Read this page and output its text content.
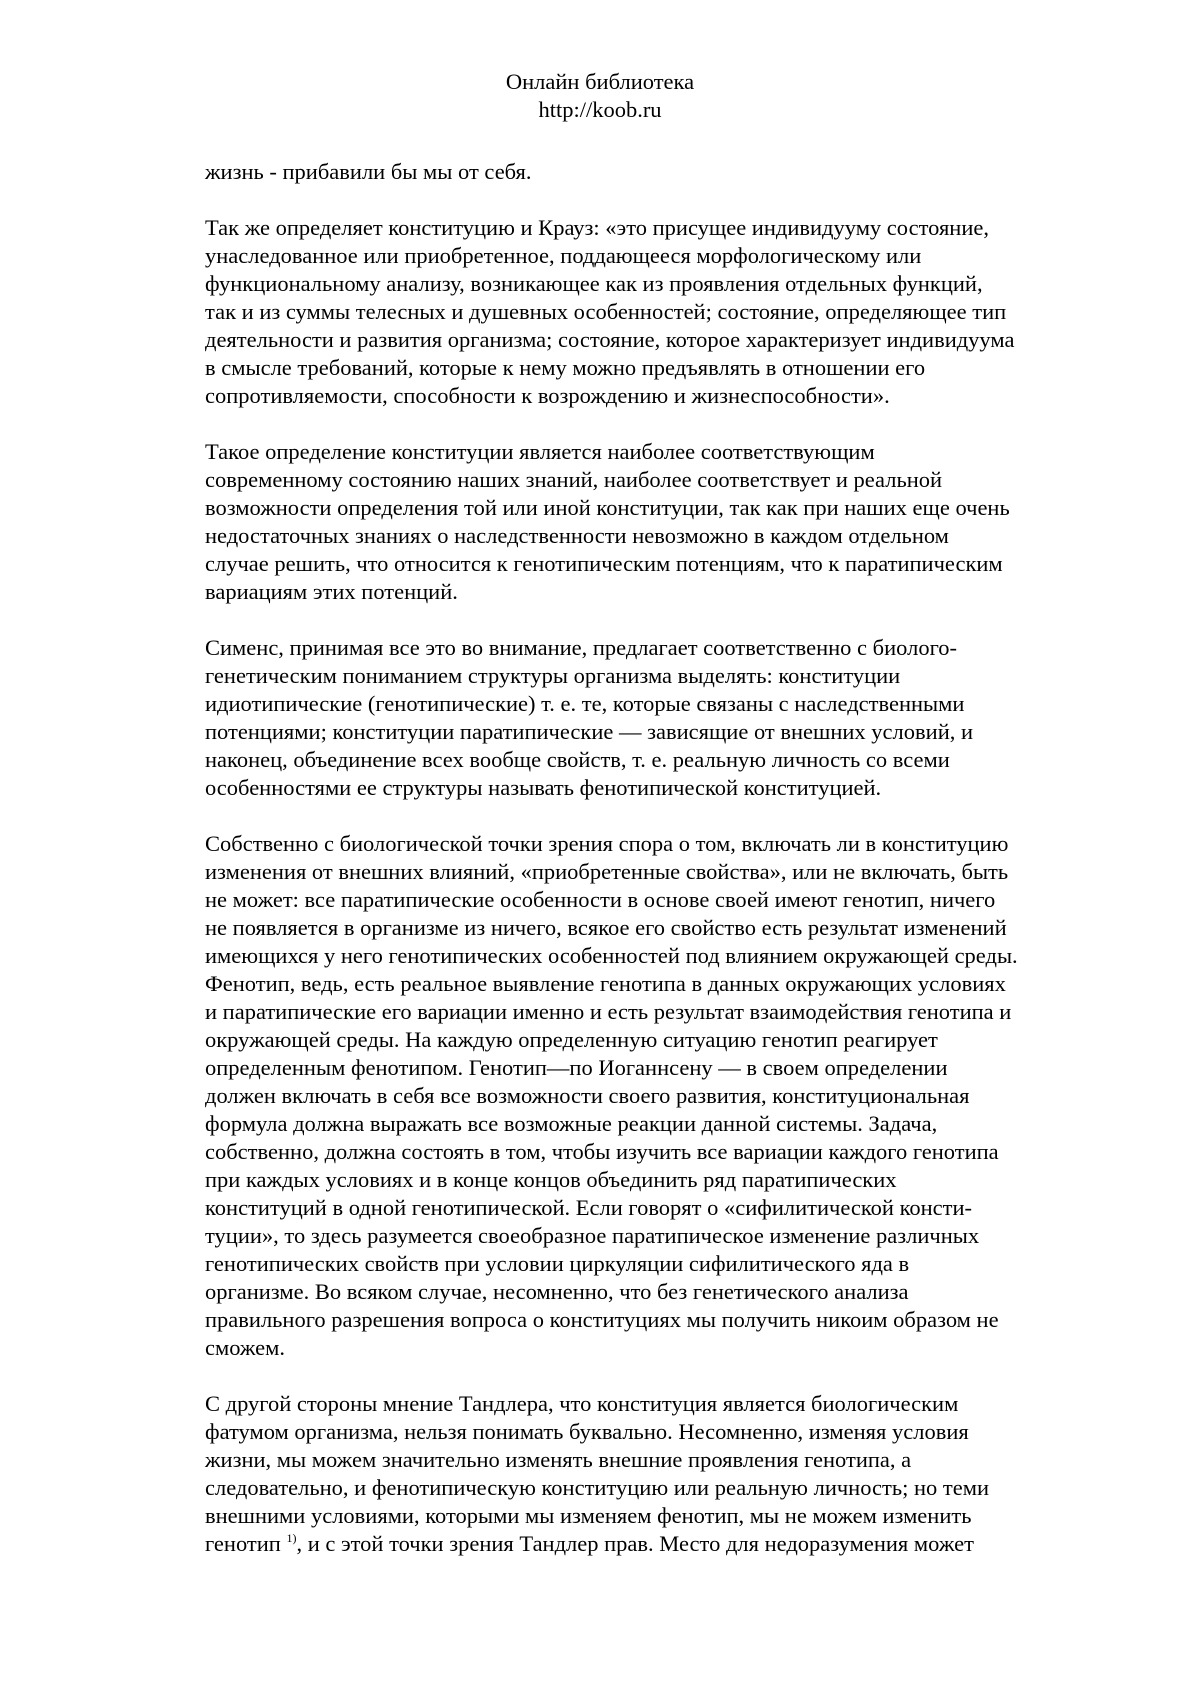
Онлайн библиотека
http://koob.ru
жизнь - прибавили бы мы от себя.
Так же определяет конституцию и Крауз: «это присущее индивидууму состояние,
унаследованное или приобретенное, поддающееся морфологическому или
функциональному анализу, возникающее как из проявления отдельных функций,
так и из суммы телесных и душевных особенностей; состояние, определяющее тип
деятельности и развития организма; состояние, которое характеризует индивидуума
в смысле требований, которые к нему можно предъявлять в отношении его
сопротивляемости, способности к возрождению и жизнеспособности».
Такое определение конституции является наиболее соответствующим
современному состоянию наших знаний, наиболее соответствует и реальной
возможности определения той или иной конституции, так как при наших еще очень
недостаточных знаниях о наследственности невозможно в каждом отдельном
случае решить, что относится к генотипическим потенциям, что к паратипическим
вариациям этих потенций.
Сименс, принимая все это во внимание, предлагает соответственно с биолого-
генетическим пониманием структуры организма выделять: конституции
идиотипические (генотипические) т. е. те, которые связаны с наследственными
потенциями; конституции паратипические — зависящие от внешних условий, и
наконец, объединение всех вообще свойств, т. е. реальную личность со всеми
особенностями ее структуры называть фенотипической конституцией.
Собственно с биологической точки зрения спора о том, включать ли в конституцию
изменения от внешних влияний, «приобретенные свойства», или не включать, быть
не может: все паратипические особенности в основе своей имеют генотип, ничего
не появляется в организме из ничего, всякое его свойство есть результат изменений
имеющихся у него генотипических особенностей под влиянием окружающей среды.
Фенотип, ведь, есть реальное выявление генотипа в данных окружающих условиях
и паратипические его вариации именно и есть результат взаимодействия генотипа и
окружающей среды. На каждую определенную ситуацию генотип реагирует
определенным фенотипом. Генотип—по Иоганнсену — в своем определении
должен включать в себя все возможности своего развития, конституциональная
формула должна выражать все возможные реакции данной системы. Задача,
собственно, должна состоять в том, чтобы изучить все вариации каждого генотипа
при каждых условиях и в конце концов объединить ряд паратипических
конституций в одной генотипической. Если говорят о «сифилитической консти-
туции», то здесь разумеется своеобразное паратипическое изменение различных
генотипических свойств при условии циркуляции сифилитического яда в
организме. Во всяком случае, несомненно, что без генетического анализа
правильного разрешения вопроса о конституциях мы получить никоим образом не
сможем.
С другой стороны мнение Тандлера, что конституция является биологическим
фатумом организма, нельзя понимать буквально. Несомненно, изменяя условия
жизни, мы можем значительно изменять внешние проявления генотипа, а
следовательно, и фенотипическую конституцию или реальную личность; но теми
внешними условиями, которыми мы изменяем фенотип, мы не можем изменить
генотип $^{1)}$, и с этой точки зрения Тандлер прав. Место для недоразумения может
